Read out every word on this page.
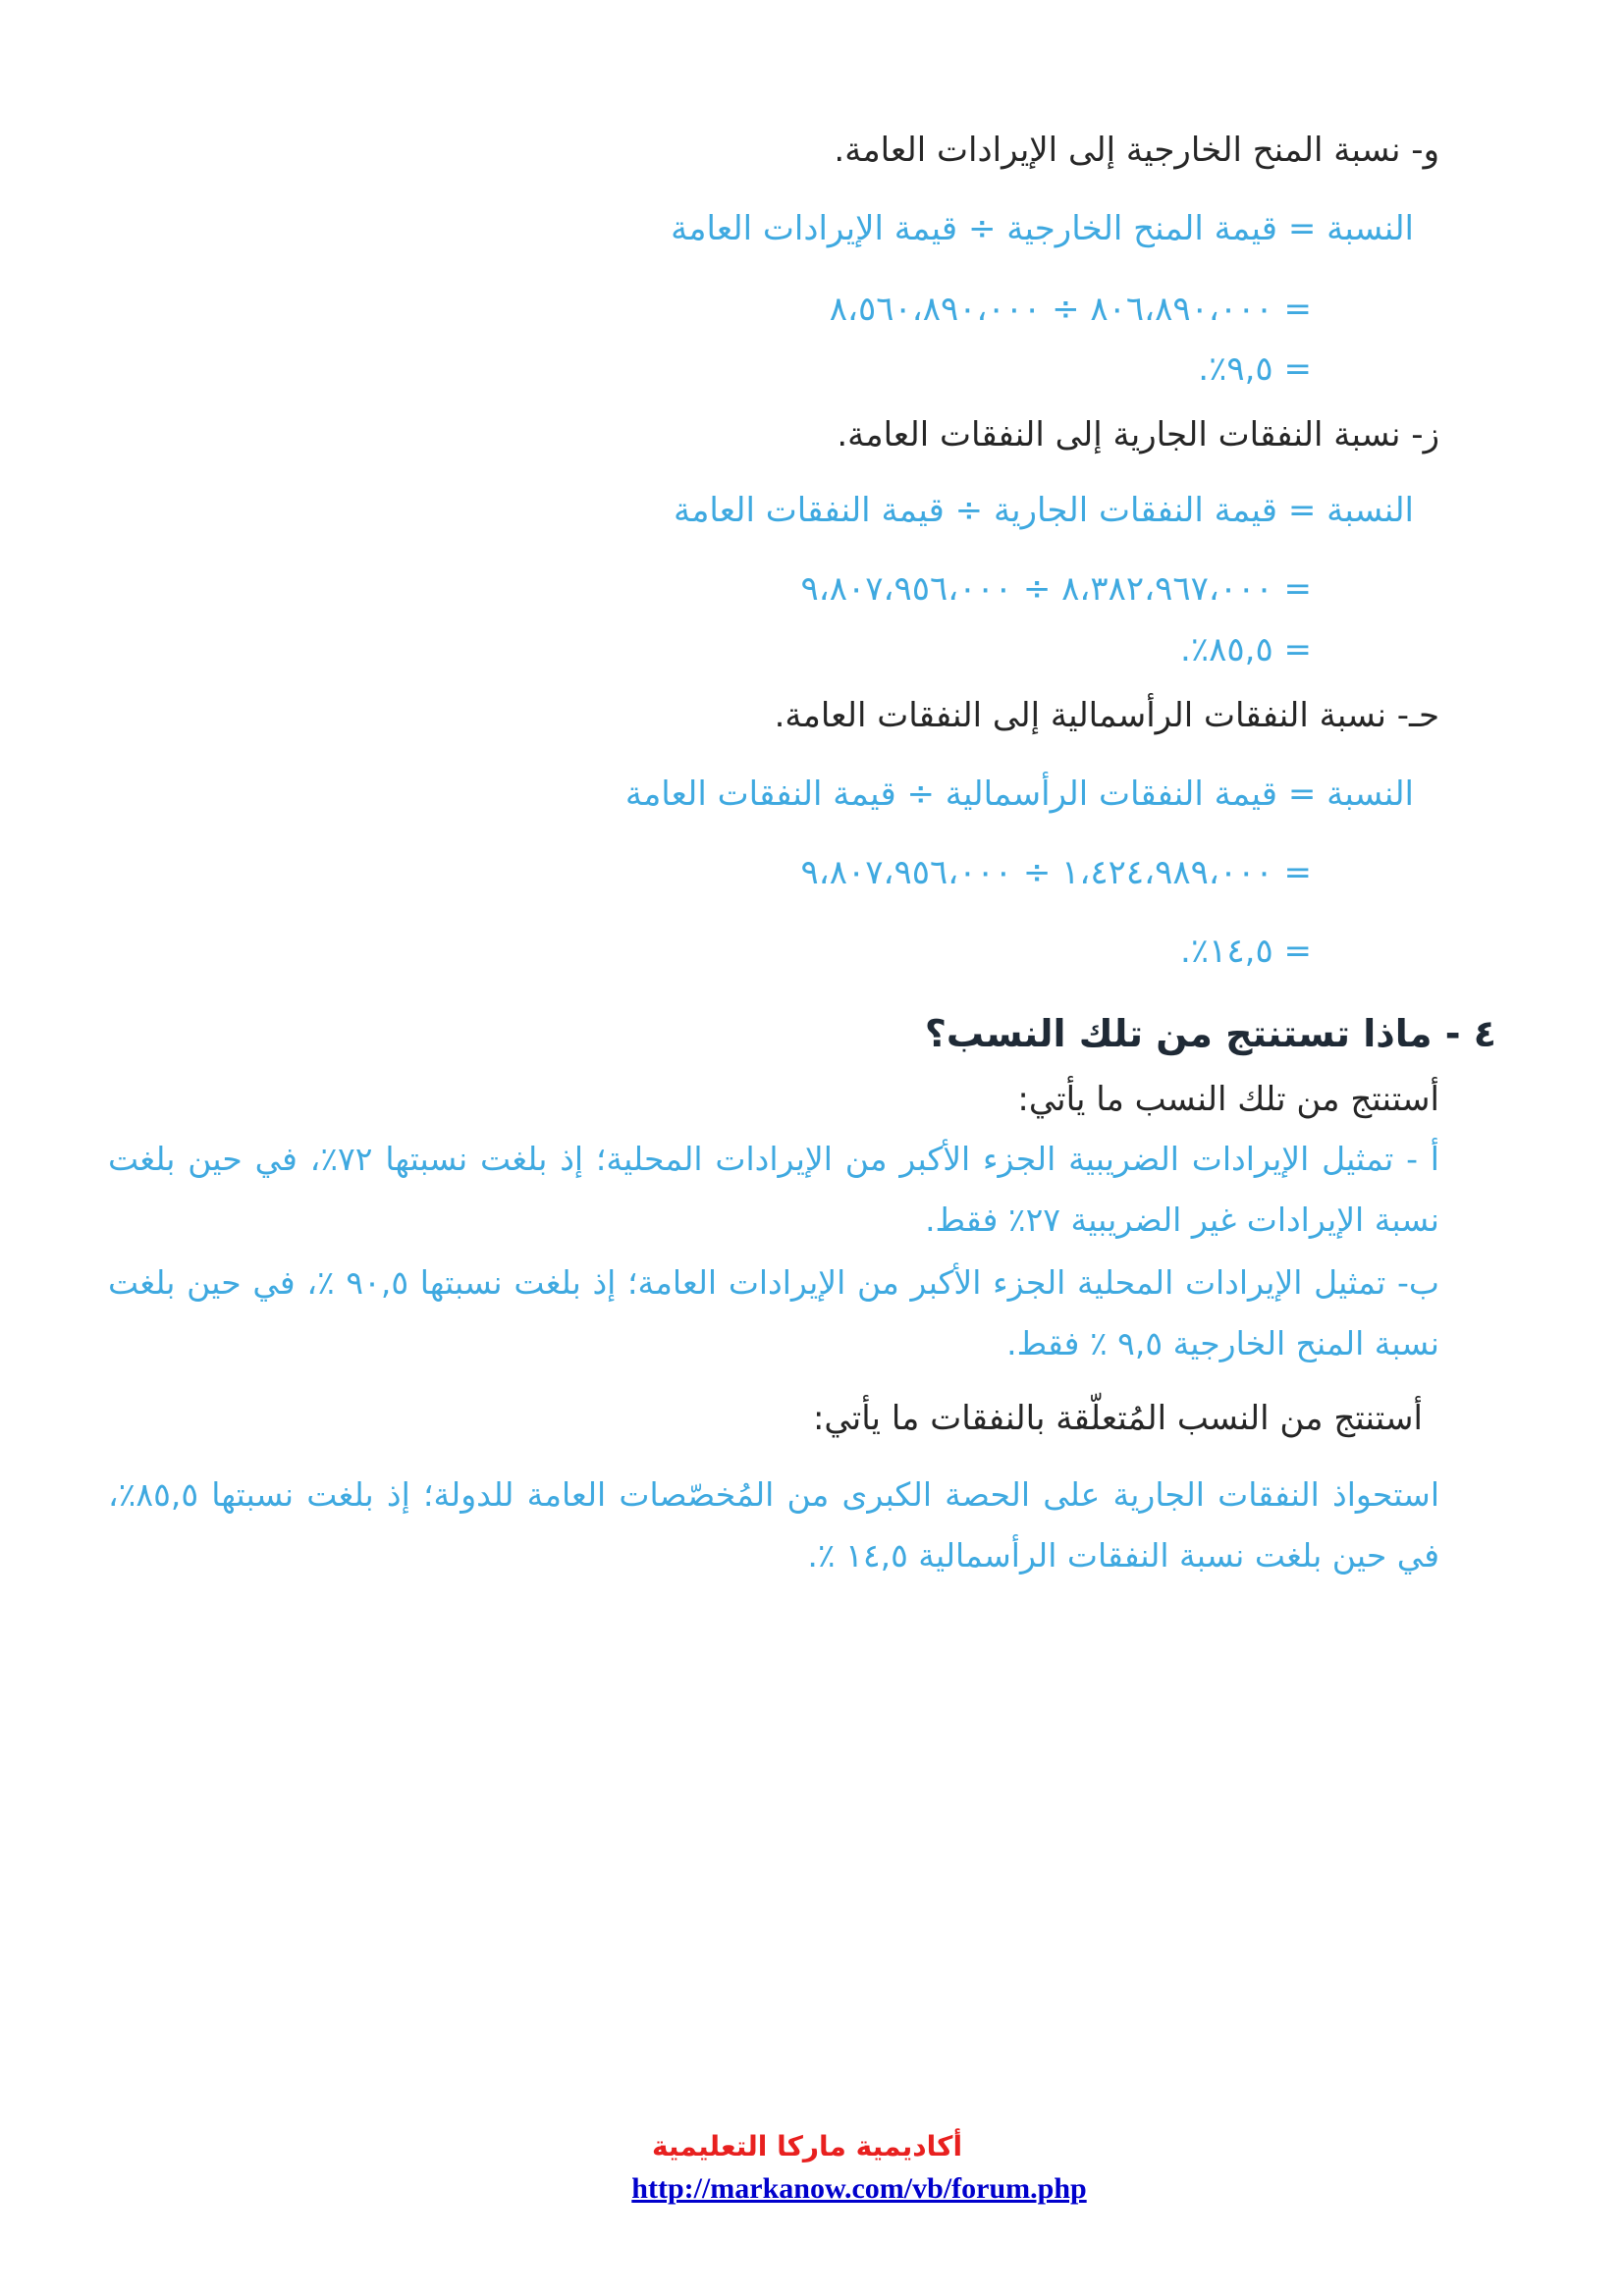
و- نسبة المنح الخارجية إلى الإيرادات العامة.
النسبة = قيمة المنح الخارجية ÷ قيمة الإيرادات العامة
= ٨٠٦،٨٩٠،٠٠٠ ÷ ٨،٥٦٠،٨٩٠،٠٠٠
= ٩,٥٪.
ز- نسبة النفقات الجارية إلى النفقات العامة.
النسبة = قيمة النفقات الجارية ÷ قيمة النفقات العامة
= ٨،٣٨٢،٩٦٧،٠٠٠ ÷ ٩،٨٠٧،٩٥٦،٠٠٠
= ٨٥,٥٪.
حـ- نسبة النفقات الرأسمالية إلى النفقات العامة.
النسبة = قيمة النفقات الرأسمالية ÷ قيمة النفقات العامة
= ١،٤٢٤،٩٨٩،٠٠٠ ÷ ٩،٨٠٧،٩٥٦،٠٠٠
= ١٤,٥٪.
٤ - ماذا تستنتج من تلك النسب؟
أستنتج من تلك النسب ما يأتي:
أ - تمثيل الإيرادات الضريبية الجزء الأكبر من الإيرادات المحلية؛ إذ بلغت نسبتها ٧٢٪، في حين بلغت نسبة الإيرادات غير الضريبية ٢٧٪ فقط.
ب- تمثيل الإيرادات المحلية الجزء الأكبر من الإيرادات العامة؛ إذ بلغت نسبتها ٩٠,٥ ٪، في حين بلغت نسبة المنح الخارجية ٩,٥ ٪ فقط.
أستنتج من النسب المُتعلّقة بالنفقات ما يأتي:
استحواذ النفقات الجارية على الحصة الكبرى من المُخصّصات العامة للدولة؛ إذ بلغت نسبتها ٨٥,٥٪، في حين بلغت نسبة النفقات الرأسمالية ١٤,٥ ٪.
أكاديمية ماركا التعليمية
http://markanow.com/vb/forum.php
